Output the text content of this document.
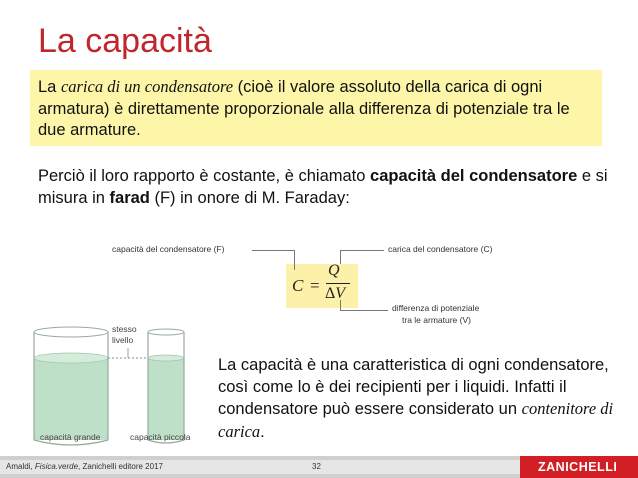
La capacità
La carica di un condensatore (cioè il valore assoluto della carica di ogni armatura) è direttamente proporzionale alla differenza di potenziale tra le due armature.
Perciò il loro rapporto è costante, è chiamato capacità del condensatore e si misura in farad (F) in onore di M. Faraday:
capacità del condensatore (F)	carica del condensatore (C)
differenza di potenziale
tra le armature (V)
C =
Q
ΔV
stesso
livello
capacità grande	capacità piccola
La capacità è una caratteristica di ogni condensatore, così come lo è dei recipienti per i liquidi. Infatti il condensatore può essere considerato un contenitore di carica.
Amaldi, Fisica.verde, Zanichelli editore 2017	32	ZANICHELLI
